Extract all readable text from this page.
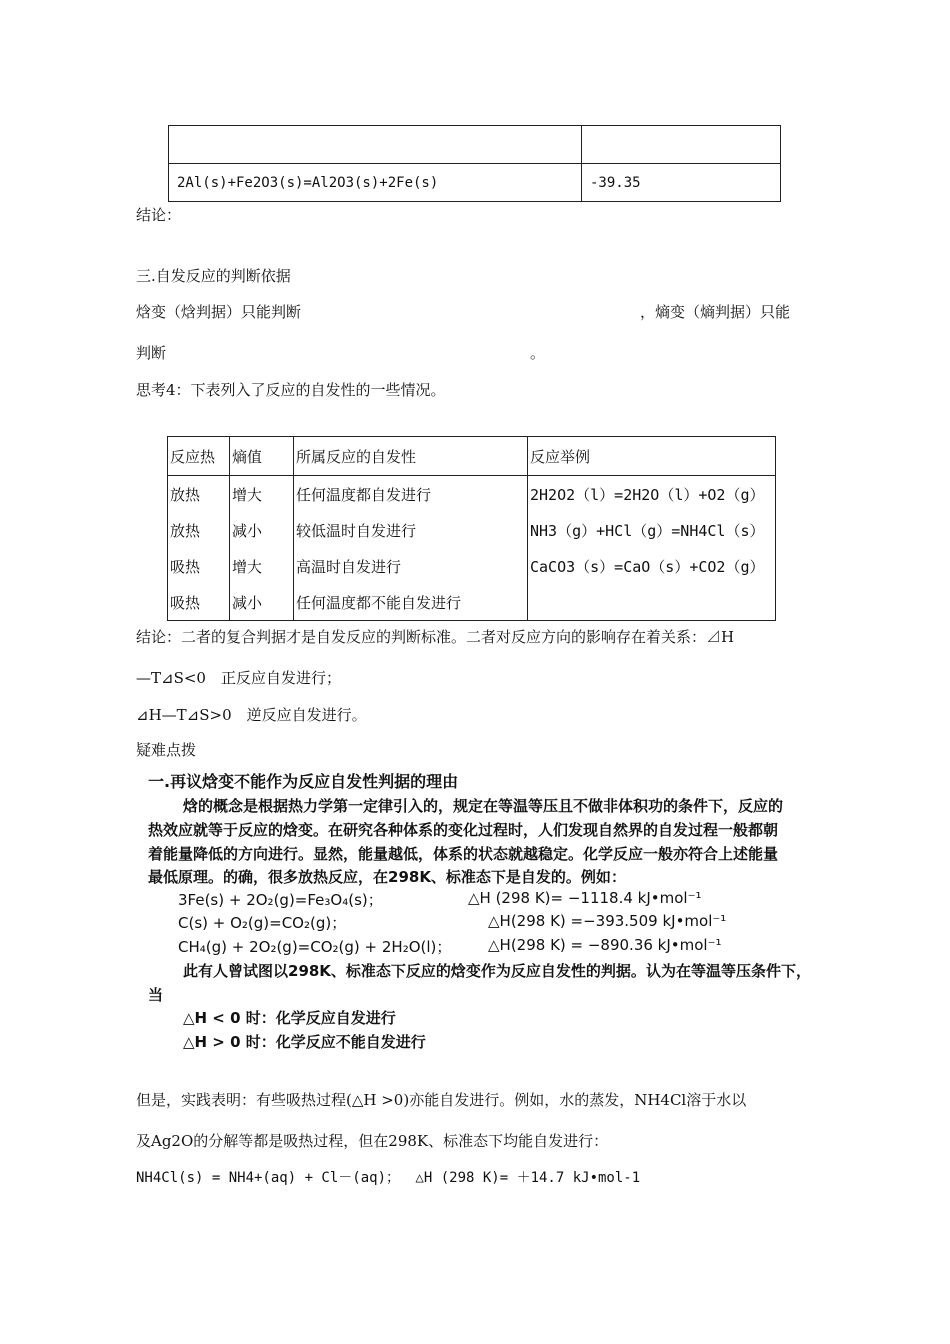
2Al(s)+Fe2O3(s)=Al2O3(s)+2Fe(s)	-39.35
结论：
三.自发反应的判断依据
焓变（焓判据）只能判断	，熵变（熵判据）只能
判断	。
思考4：下表列入了反应的自发性的一些情况。
反应热	熵值	所属反应的自发性	反应举例
放热	增大	任何温度都自发进行	2H2O2（l）=2H2O（l）+O2（g）
放热	减小	较低温时自发进行	NH3（g）+HCl（g）=NH4Cl（s）
吸热	增大	高温时自发进行	CaCO3（s）=CaO（s）+CO2（g）
吸热	减小	任何温度都不能自发进行	
结论：二者的复合判据才是自发反应的判断标准。二者对反应方向的影响存在着关系：⊿H
—T⊿S<0　正反应自发进行；
⊿H—T⊿S>0　逆反应自发进行。
疑难点拨
一.再议焓变不能作为反应自发性判据的理由
焓的概念是根据热力学第一定律引入的，规定在等温等压且不做非体积功的条件下，反应的
热效应就等于反应的焓变。在研究各种体系的变化过程时，人们发现自然界的自发过程一般都朝
着能量降低的方向进行。显然，能量越低，体系的状态就越稳定。化学反应一般亦符合上述能量
最低原理。的确，很多放热反应，在298K、标准态下是自发的。例如：
3Fe(s) + 2O₂(g)=Fe₃O₄(s)；	△H (298 K)= −1118.4 kJ•mol⁻¹
C(s) + O₂(g)=CO₂(g)；	△H(298 K) =−393.509 kJ•mol⁻¹
CH₄(g) + 2O₂(g)=CO₂(g) + 2H₂O(l)； △H(298 K) = −890.36 kJ•mol⁻¹
此有人曾试图以298K、标准态下反应的焓变作为反应自发性的判据。认为在等温等压条件下，
当
△H < 0 时：化学反应自发进行
△H > 0 时：化学反应不能自发进行
但是，实践表明：有些吸热过程(△H >0)亦能自发进行。例如，水的蒸发，NH4Cl溶于水以
及Ag2O的分解等都是吸热过程，但在298K、标准态下均能自发进行：
NH4Cl(s) = NH4+(aq) + Cl－(aq)；　 △H (298 K)= ＋14.7 kJ•mol-1
